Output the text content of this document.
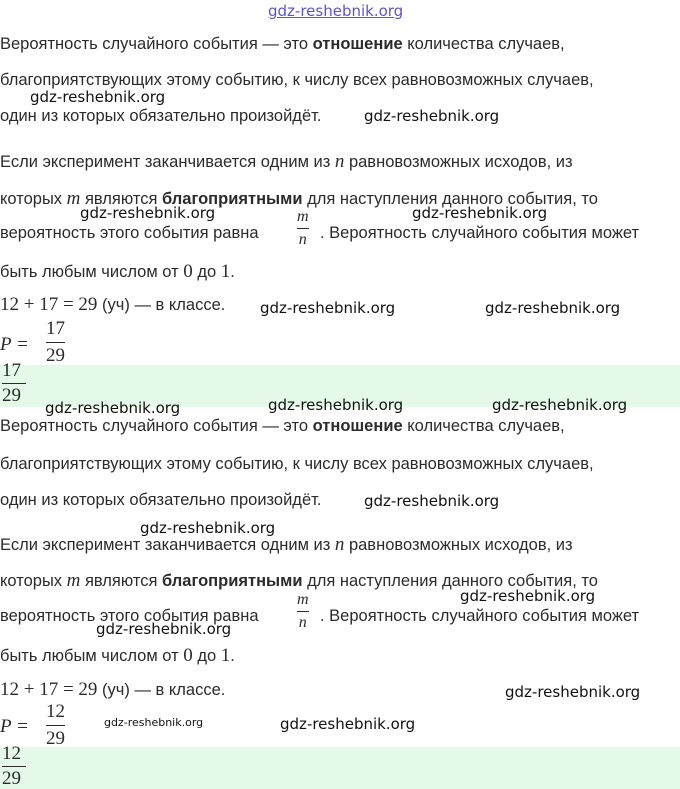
gdz-reshebnik.org
Вероятность случайного события — это отношение количества случаев,
благоприятствующих этому событию, к числу всех равновозможных случаев,
один из которых обязательно произойдёт.
Если эксперимент заканчивается одним из n равновозможных исходов, из
которых m являются благоприятными для наступления данного события, то
вероятность этого события равна
m
n . Вероятность случайного события может
быть любым числом от 0 до 1.
12 + 17 = 29 (уч) — в классе.
P =
17
29
17
29
Вероятность случайного события — это отношение количества случаев,
благоприятствующих этому событию, к числу всех равновозможных случаев,
один из которых обязательно произойдёт.
Если эксперимент заканчивается одним из n равновозможных исходов, из
которых m являются благоприятными для наступления данного события, то
вероятность этого события равна
m
n . Вероятность случайного события может
быть любым числом от 0 до 1.
12 + 17 = 29 (уч) — в классе.
P =
12
29
12
29
gdz-reshebnik.org
gdz-reshebnik.org
gdz-reshebnik.org	gdz-reshebnik.org
gdz-reshebnik.org	gdz-reshebnik.org
gdz-reshebnik.org	gdz-reshebnik.org	gdz-reshebnik.org
gdz-reshebnik.org
gdz-reshebnik.org
gdz-reshebnik.org
gdz-reshebnik.org
gdz-reshebnik.org
gdz-reshebnik.org	gdz-reshebnik.org
